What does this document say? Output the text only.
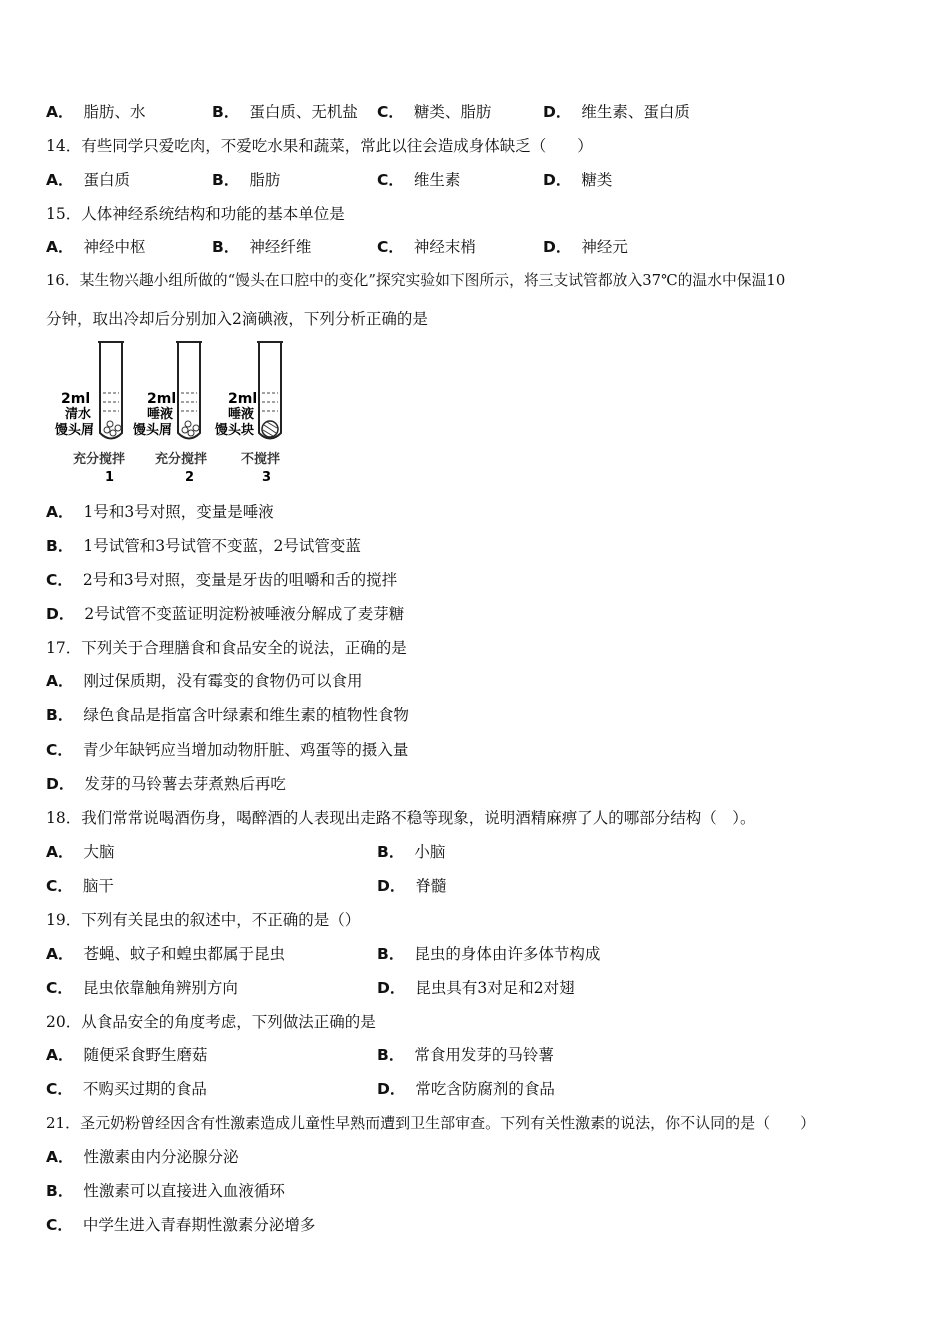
A． 脂肪、水	B． 蛋白质、无机盐 C． 糖类、脂肪	D． 维生素、蛋白质
14．有些同学只爱吃肉，不爱吃水果和蔬菜，常此以往会造成身体缺乏（　　）
A． 蛋白质	B． 脂肪	C． 维生素	D． 糖类
15．人体神经系统结构和功能的基本单位是
A． 神经中枢	B． 神经纤维	C． 神经末梢	D． 神经元
16．某生物兴趣小组所做的“馒头在口腔中的变化”探究实验如下图所示，将三支试管都放入37℃的温水中保温10
分钟，取出冷却后分别加入2滴碘液，下列分析正确的是
2ml
清水
馒头屑
充分搅拌
1
2ml
唾液
馒头屑
充分搅拌
2
2ml
唾液
馒头块
不搅拌
3
A． 1号和3号对照，变量是唾液
B． 1号试管和3号试管不变蓝，2号试管变蓝
C． 2号和3号对照，变量是牙齿的咀嚼和舌的搅拌
D． 2号试管不变蓝证明淀粉被唾液分解成了麦芽糖
17．下列关于合理膳食和食品安全的说法，正确的是
A． 刚过保质期，没有霉变的食物仍可以食用
B． 绿色食品是指富含叶绿素和维生素的植物性食物
C． 青少年缺钙应当增加动物肝脏、鸡蛋等的摄入量
D． 发芽的马铃薯去芽煮熟后再吃
18．我们常常说喝酒伤身，喝醉酒的人表现出走路不稳等现象，说明酒精麻痹了人的哪部分结构（　）。
A． 大脑	B． 小脑
C． 脑干	D． 脊髓
19．下列有关昆虫的叙述中，不正确的是（）
A． 苍蝇、蚊子和蝗虫都属于昆虫	B． 昆虫的身体由许多体节构成
C． 昆虫依靠触角辨别方向	D． 昆虫具有3对足和2对翅
20．从食品安全的角度考虑，下列做法正确的是
A． 随便采食野生磨菇	B． 常食用发芽的马铃薯
C． 不购买过期的食品	D． 常吃含防腐剂的食品
21．圣元奶粉曾经因含有性激素造成儿童性早熟而遭到卫生部审查。下列有关性激素的说法，你不认同的是（　　）
A． 性激素由内分泌腺分泌
B． 性激素可以直接进入血液循环
C． 中学生进入青春期性激素分泌增多
